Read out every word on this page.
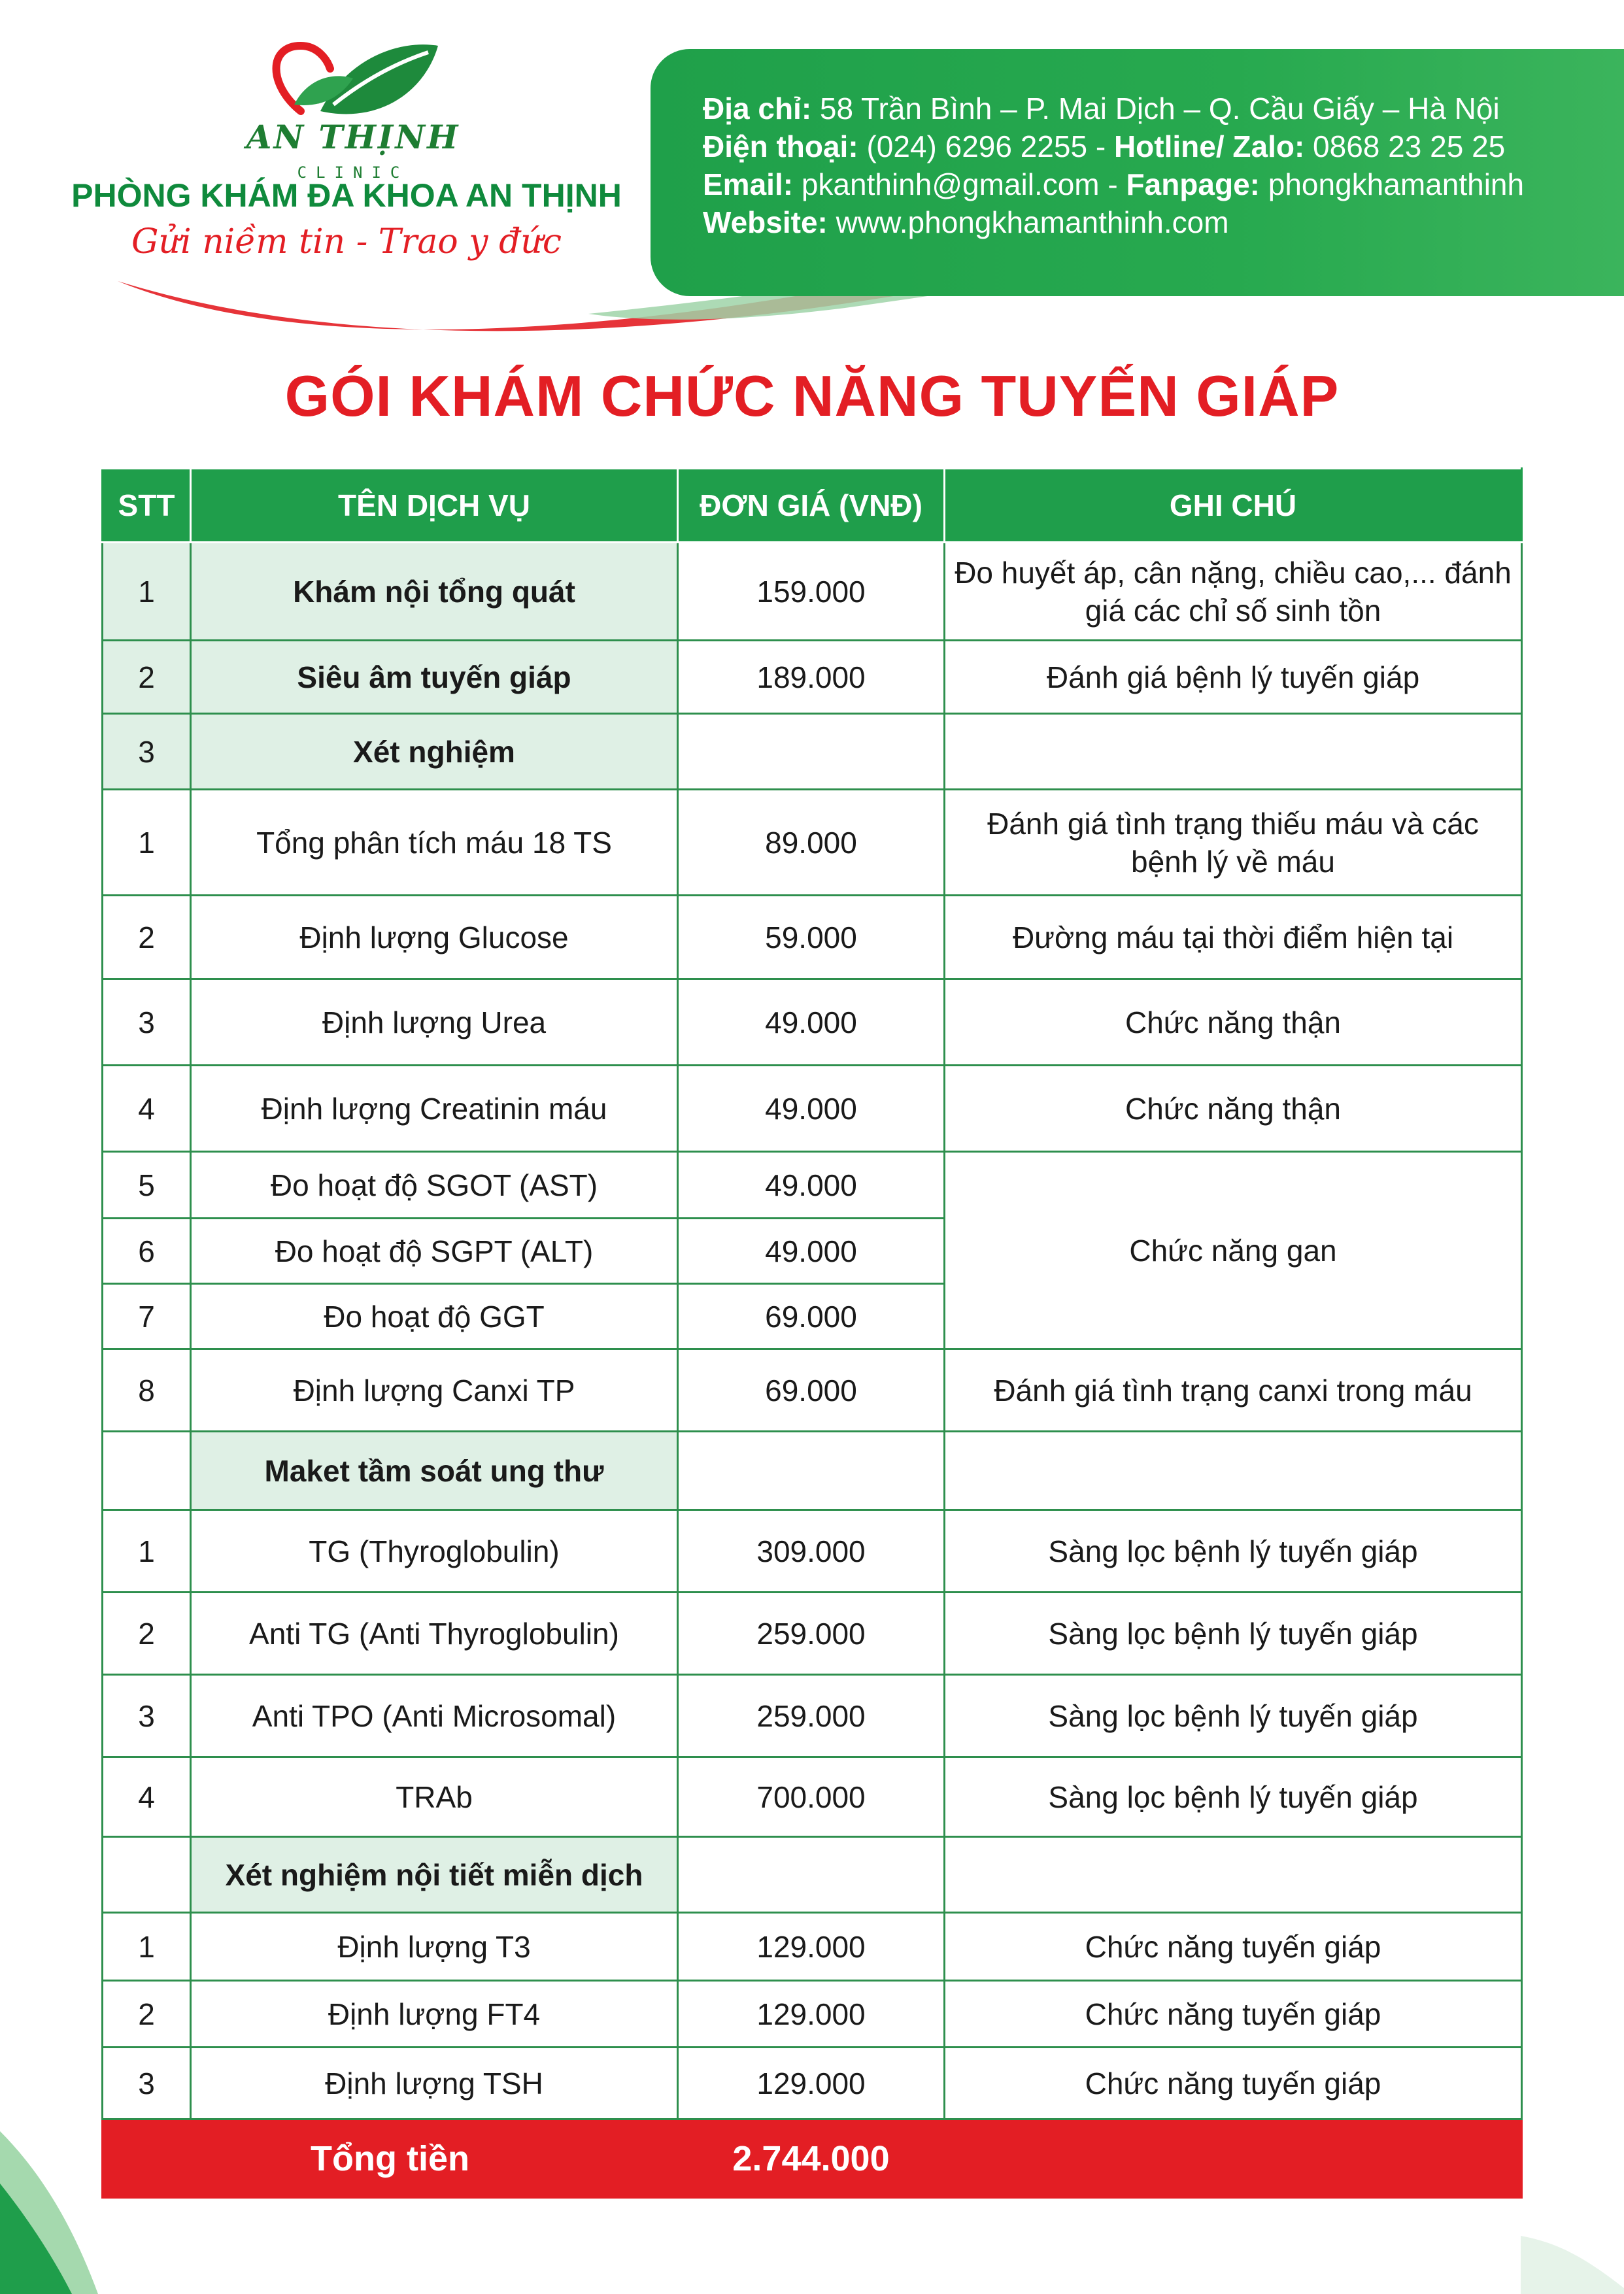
AN THỊNH
CLINIC
PHÒNG KHÁM ĐA KHOA AN THỊNH
Gửi niềm tin - Trao y đức
Địa chỉ: 58 Trần Bình – P. Mai Dịch – Q. Cầu Giấy – Hà Nội
Điện thoại: (024) 6296 2255 - Hotline/ Zalo: 0868 23 25 25
Email: pkanthinh@gmail.com - Fanpage: phongkhamanthinh
Website: www.phongkhamanthinh.com
GÓI KHÁM CHỨC NĂNG TUYẾN GIÁP
STT	TÊN DỊCH VỤ	ĐƠN GIÁ (VNĐ)	GHI CHÚ
1	Khám nội tổng quát	159.000	Đo huyết áp, cân nặng, chiều cao,... đánh giá các chỉ số sinh tồn
2	Siêu âm tuyến giáp	189.000	Đánh giá bệnh lý tuyến giáp
3	Xét nghiệm		
1	Tổng phân tích máu 18 TS	89.000	Đánh giá tình trạng thiếu máu và các bệnh lý về máu
2	Định lượng Glucose	59.000	Đường máu tại thời điểm hiện tại
3	Định lượng Urea	49.000	Chức năng thận
4	Định lượng Creatinin máu	49.000	Chức năng thận
5	Đo hoạt độ SGOT (AST)	49.000	Chức năng gan
6	Đo hoạt độ SGPT (ALT)	49.000	
7	Đo hoạt độ GGT	69.000	
8	Định lượng Canxi TP	69.000	Đánh giá tình trạng canxi trong máu
	Maket tầm soát ung thư		
1	TG (Thyroglobulin)	309.000	Sàng lọc bệnh lý tuyến giáp
2	Anti TG (Anti Thyroglobulin)	259.000	Sàng lọc bệnh lý tuyến giáp
3	Anti TPO (Anti Microsomal)	259.000	Sàng lọc bệnh lý tuyến giáp
4	TRAb	700.000	Sàng lọc bệnh lý tuyến giáp
	Xét nghiệm nội tiết miễn dịch		
1	Định lượng T3	129.000	Chức năng tuyến giáp
2	Định lượng FT4	129.000	Chức năng tuyến giáp
3	Định lượng TSH	129.000	Chức năng tuyến giáp
Tổng tiền		2.744.000	
